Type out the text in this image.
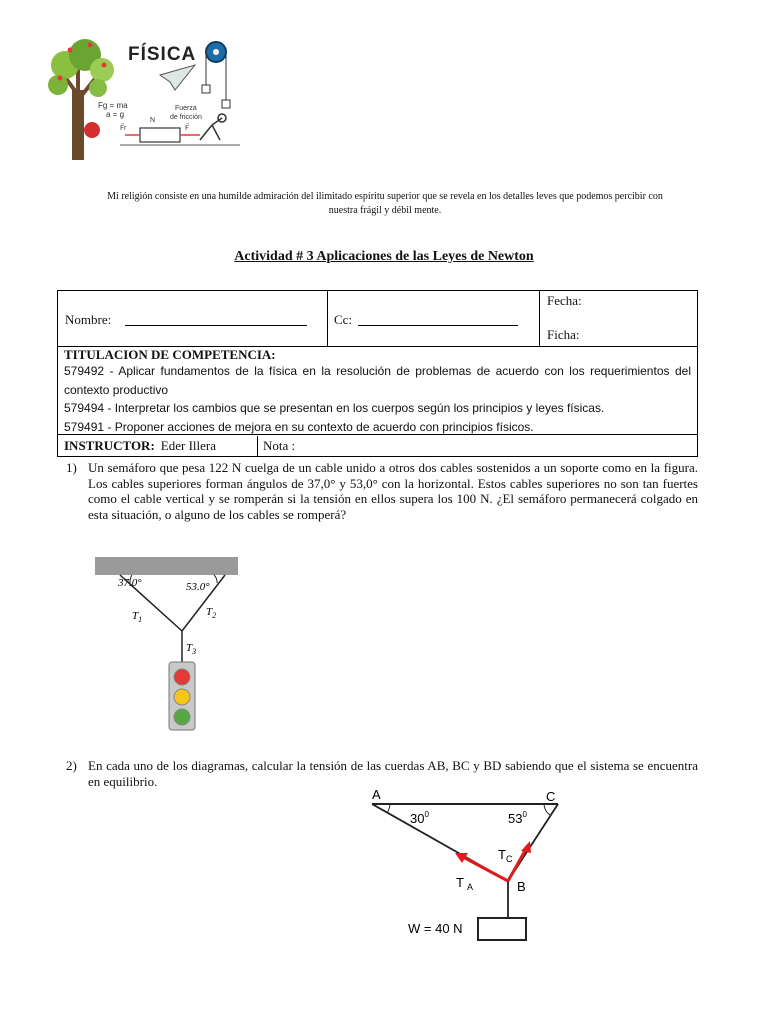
FÍSICA
Fg = ma
a = g
Fuerza
de fricción
N
F⃗r	F⃗
Mi religión consiste en una humilde admiración del ilimitado espíritu superior que se revela en los detalles leves que podemos percibir con
nuestra frágil y débil mente.
Actividad # 3 Aplicaciones de las Leyes de Newton
Nombre:	Cc:
Fecha:
Ficha:
TITULACION DE COMPETENCIA:
579492 - Aplicar fundamentos de la física en la resolución de problemas de acuerdo con los requerimientos del contexto productivo
579494 - Interpretar los cambios que se presentan en los cuerpos según los principios y leyes físicas.
579491 - Proponer acciones de mejora en su contexto de acuerdo con principios físicos.
INSTRUCTOR: Eder Illera	Nota :
1) Un semáforo que pesa 122 N cuelga de un cable unido a otros dos cables sostenidos a un soporte como en la figura. Los cables superiores forman ángulos de 37,0° y 53,0° con la horizontal. Estos cables superiores no son tan fuertes como el cable vertical y se romperán si la tensión en ellos supera los 100 N. ¿El semáforo permanecerá colgado en esta situación, o alguno de los cables se romperá?
37.0°	53.0°
$T_1$
$T_2$
$T_3$
2) En cada uno de los diagramas, calcular la tensión de las cuerdas AB, BC y BD sabiendo que el sistema se encuentra en equilibrio.
A	C
B
$30^0$	$53^0$
$T_C$
T $_A$
W = 40 N
